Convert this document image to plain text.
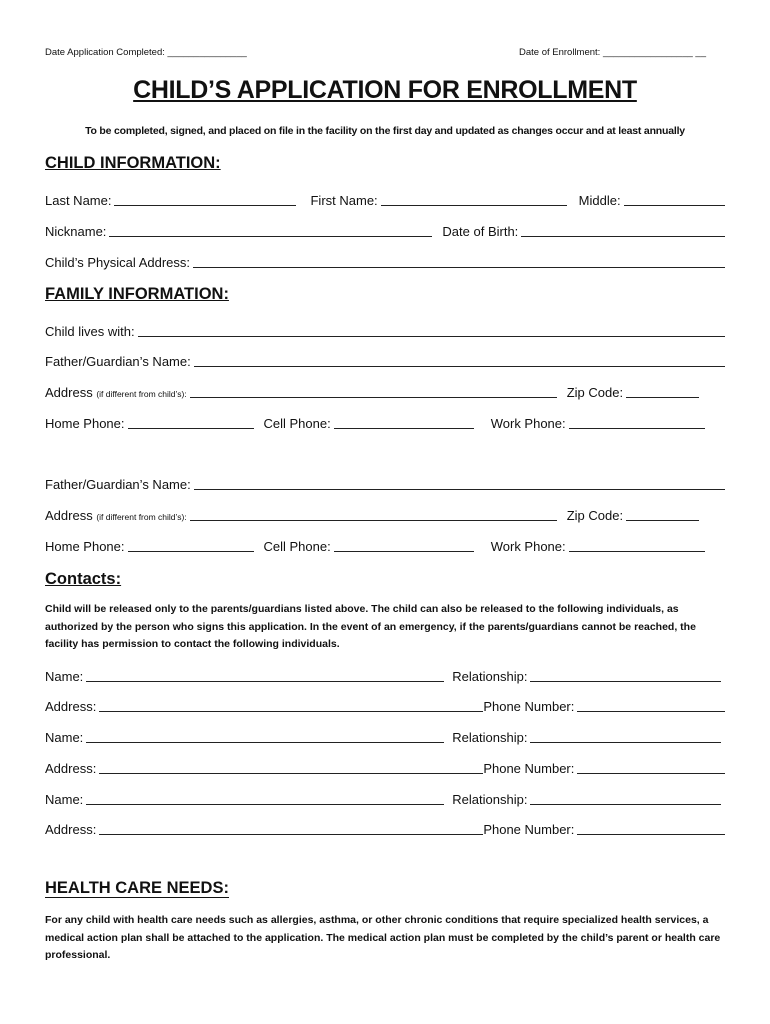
Date Application Completed: _______________	Date of Enrollment: _________________ __
CHILD’S APPLICATION FOR ENROLLMENT
To be completed, signed, and placed on file in the facility on the first day and updated as changes occur and at least annually
CHILD INFORMATION:
Last Name:	First Name:	Middle:
Nickname:	Date of Birth:
Child’s Physical Address:
FAMILY INFORMATION:
Child lives with:
Father/Guardian’s Name:
Address (if different from child’s):	Zip Code:
Home Phone:	Cell Phone:	Work Phone:
Father/Guardian’s Name:
Address (if different from child’s):	Zip Code:
Home Phone:	Cell Phone:	Work Phone:
Contacts:
Child will be released only to the parents/guardians listed above. The child can also be released to the following individuals, as authorized by the person who signs this application. In the event of an emergency, if the parents/guardians cannot be reached, the facility has permission to contact the following individuals.
Name:	Relationship:
Address:	Phone Number:
Name:	Relationship:
Address:	Phone Number:
Name:	Relationship:
Address:	Phone Number:
HEALTH CARE NEEDS:
For any child with health care needs such as allergies, asthma, or other chronic conditions that require specialized health services, a medical action plan shall be attached to the application. The medical action plan must be completed by the child’s parent or health care professional.
